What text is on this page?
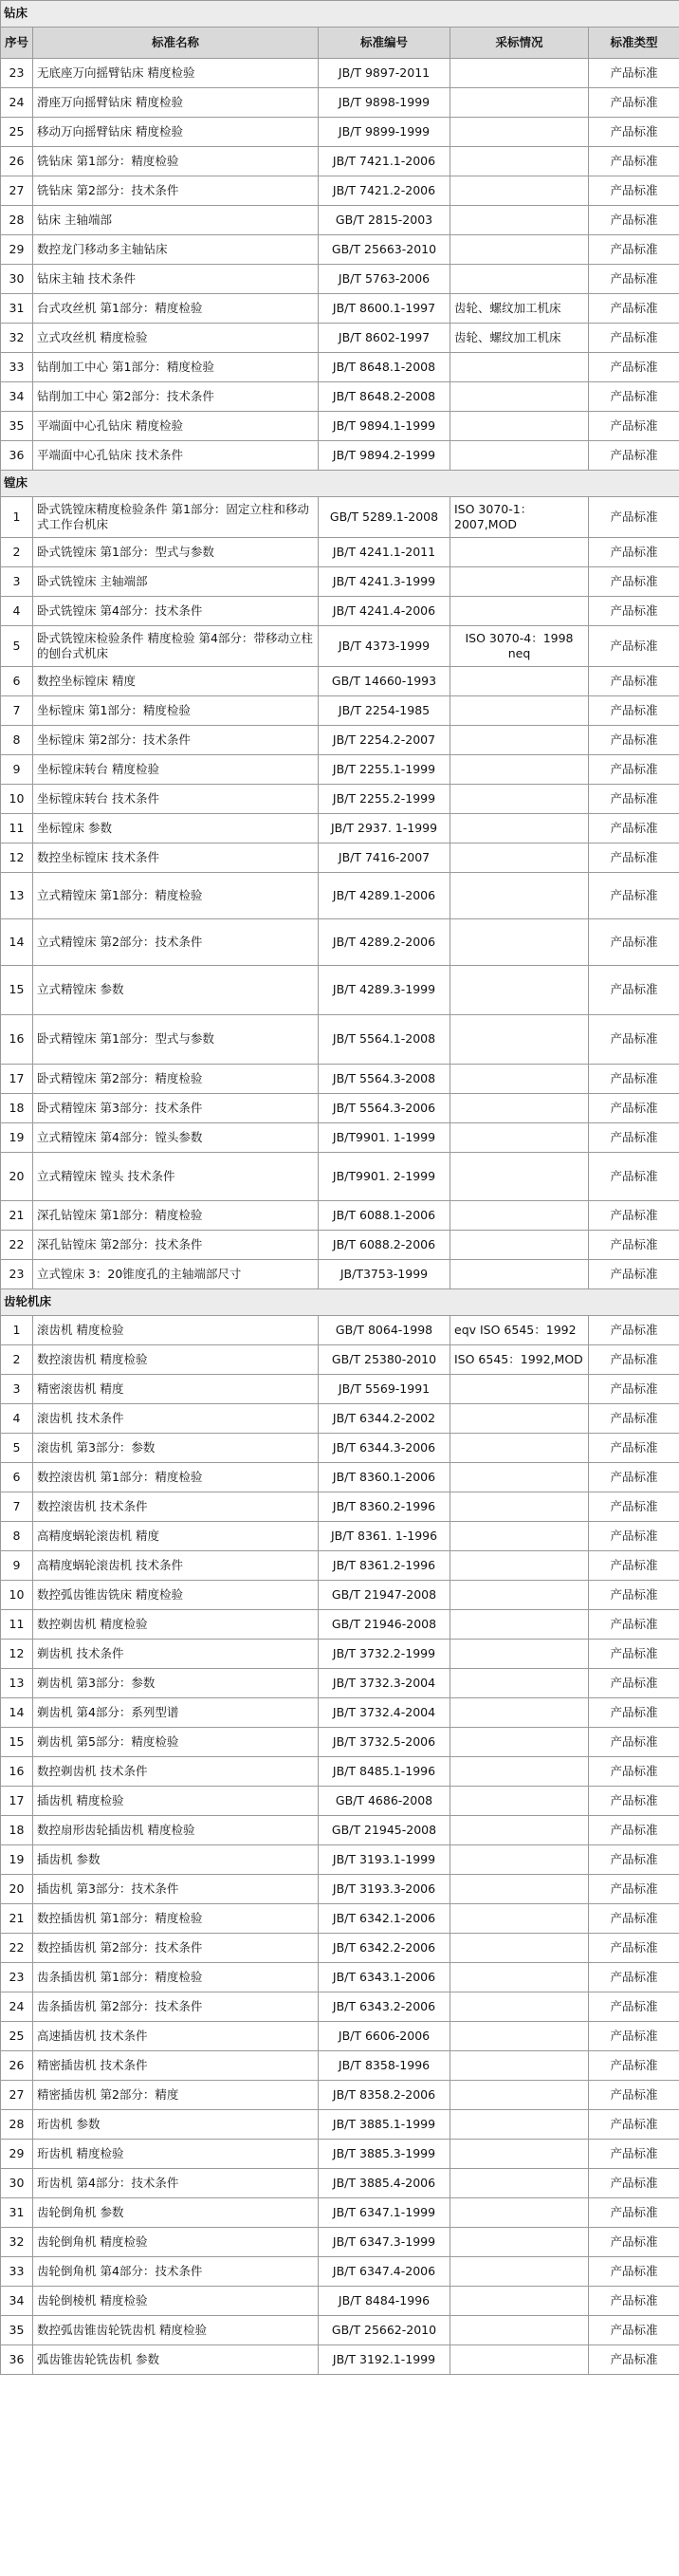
钻床				
序号	标准名称	标准编号	采标情况	标准类型
23	无底座万向摇臂钻床 精度检验	JB/T 9897-2011		产品标准
24	滑座万向摇臂钻床 精度检验	JB/T 9898-1999		产品标准
25	移动万向摇臂钻床 精度检验	JB/T 9899-1999		产品标准
26	铣钻床 第1部分：精度检验	JB/T 7421.1-2006		产品标准
27	铣钻床 第2部分：技术条件	JB/T 7421.2-2006		产品标准
28	钻床 主轴端部	GB/T 2815-2003		产品标准
29	数控龙门移动多主轴钻床	GB/T 25663-2010		产品标准
30	钻床主轴 技术条件	JB/T 5763-2006		产品标准
31	台式攻丝机 第1部分：精度检验	JB/T 8600.1-1997	齿轮、螺纹加工机床	产品标准
32	立式攻丝机 精度检验	JB/T 8602-1997	齿轮、螺纹加工机床	产品标准
33	钻削加工中心 第1部分：精度检验	JB/T 8648.1-2008		产品标准
34	钻削加工中心 第2部分：技术条件	JB/T 8648.2-2008		产品标准
35	平端面中心孔钻床 精度检验	JB/T 9894.1-1999		产品标准
36	平端面中心孔钻床 技术条件	JB/T 9894.2-1999		产品标准
镗床				
1	卧式铣镗床精度检验条件 第1部分：固定立柱和移动式工作台机床	GB/T 5289.1-2008	ISO 3070-1：2007,MOD	产品标准
2	卧式铣镗床 第1部分：型式与参数	JB/T 4241.1-2011		产品标准
3	卧式铣镗床 主轴端部	JB/T 4241.3-1999		产品标准
4	卧式铣镗床 第4部分：技术条件	JB/T 4241.4-2006		产品标准
5	卧式铣镗床检验条件 精度检验 第4部分：带移动立柱的刨台式机床	JB/T 4373-1999	ISO 3070-4：1998 neq	产品标准
6	数控坐标镗床 精度	GB/T 14660-1993		产品标准
7	坐标镗床 第1部分：精度检验	JB/T 2254-1985		产品标准
8	坐标镗床 第2部分：技术条件	JB/T 2254.2-2007		产品标准
9	坐标镗床转台 精度检验	JB/T 2255.1-1999		产品标准
10	坐标镗床转台 技术条件	JB/T 2255.2-1999		产品标准
11	坐标镗床 参数	JB/T 2937. 1-1999		产品标准
12	数控坐标镗床 技术条件	JB/T 7416-2007		产品标准
13	立式精镗床 第1部分：精度检验	JB/T 4289.1-2006		产品标准
14	立式精镗床 第2部分：技术条件	JB/T 4289.2-2006		产品标准
15	立式精镗床 参数	JB/T 4289.3-1999		产品标准
16	卧式精镗床 第1部分：型式与参数	JB/T 5564.1-2008		产品标准
17	卧式精镗床 第2部分：精度检验	JB/T 5564.3-2008		产品标准
18	卧式精镗床 第3部分：技术条件	JB/T 5564.3-2006		产品标准
19	立式精镗床 第4部分：镗头参数	JB/T9901. 1-1999		产品标准
20	立式精镗床 镗头 技术条件	JB/T9901. 2-1999		产品标准
21	深孔钻镗床 第1部分：精度检验	JB/T 6088.1-2006		产品标准
22	深孔钻镗床 第2部分：技术条件	JB/T 6088.2-2006		产品标准
23	立式镗床 3：20锥度孔的主轴端部尺寸	JB/T3753-1999		产品标准
齿轮机床				
1	滚齿机 精度检验	GB/T 8064-1998	eqv ISO 6545：1992	产品标准
2	数控滚齿机 精度检验	GB/T 25380-2010	ISO 6545：1992,MOD	产品标准
3	精密滚齿机 精度	JB/T 5569-1991		产品标准
4	滚齿机 技术条件	JB/T 6344.2-2002		产品标准
5	滚齿机 第3部分：参数	JB/T 6344.3-2006		产品标准
6	数控滚齿机 第1部分：精度检验	JB/T 8360.1-2006		产品标准
7	数控滚齿机 技术条件	JB/T 8360.2-1996		产品标准
8	高精度蜗轮滚齿机 精度	JB/T 8361. 1-1996		产品标准
9	高精度蜗轮滚齿机 技术条件	JB/T 8361.2-1996		产品标准
10	数控弧齿锥齿铣床 精度检验	GB/T 21947-2008		产品标准
11	数控剃齿机 精度检验	GB/T 21946-2008		产品标准
12	剃齿机 技术条件	JB/T 3732.2-1999		产品标准
13	剃齿机 第3部分：参数	JB/T 3732.3-2004		产品标准
14	剃齿机 第4部分：系列型谱	JB/T 3732.4-2004		产品标准
15	剃齿机 第5部分：精度检验	JB/T 3732.5-2006		产品标准
16	数控剃齿机 技术条件	JB/T 8485.1-1996		产品标准
17	插齿机 精度检验	GB/T 4686-2008		产品标准
18	数控扇形齿轮插齿机 精度检验	GB/T 21945-2008		产品标准
19	插齿机 参数	JB/T 3193.1-1999		产品标准
20	插齿机 第3部分：技术条件	JB/T 3193.3-2006		产品标准
21	数控插齿机 第1部分：精度检验	JB/T 6342.1-2006		产品标准
22	数控插齿机 第2部分：技术条件	JB/T 6342.2-2006		产品标准
23	齿条插齿机 第1部分：精度检验	JB/T 6343.1-2006		产品标准
24	齿条插齿机 第2部分：技术条件	JB/T 6343.2-2006		产品标准
25	高速插齿机 技术条件	JB/T 6606-2006		产品标准
26	精密插齿机 技术条件	JB/T 8358-1996		产品标准
27	精密插齿机 第2部分：精度	JB/T 8358.2-2006		产品标准
28	珩齿机 参数	JB/T 3885.1-1999		产品标准
29	珩齿机 精度检验	JB/T 3885.3-1999		产品标准
30	珩齿机 第4部分：技术条件	JB/T 3885.4-2006		产品标准
31	齿轮倒角机 参数	JB/T 6347.1-1999		产品标准
32	齿轮倒角机 精度检验	JB/T 6347.3-1999		产品标准
33	齿轮倒角机 第4部分：技术条件	JB/T 6347.4-2006		产品标准
34	齿轮倒棱机 精度检验	JB/T 8484-1996		产品标准
35	数控弧齿锥齿轮铣齿机 精度检验	GB/T 25662-2010		产品标准
36	弧齿锥齿轮铣齿机 参数	JB/T 3192.1-1999		产品标准
